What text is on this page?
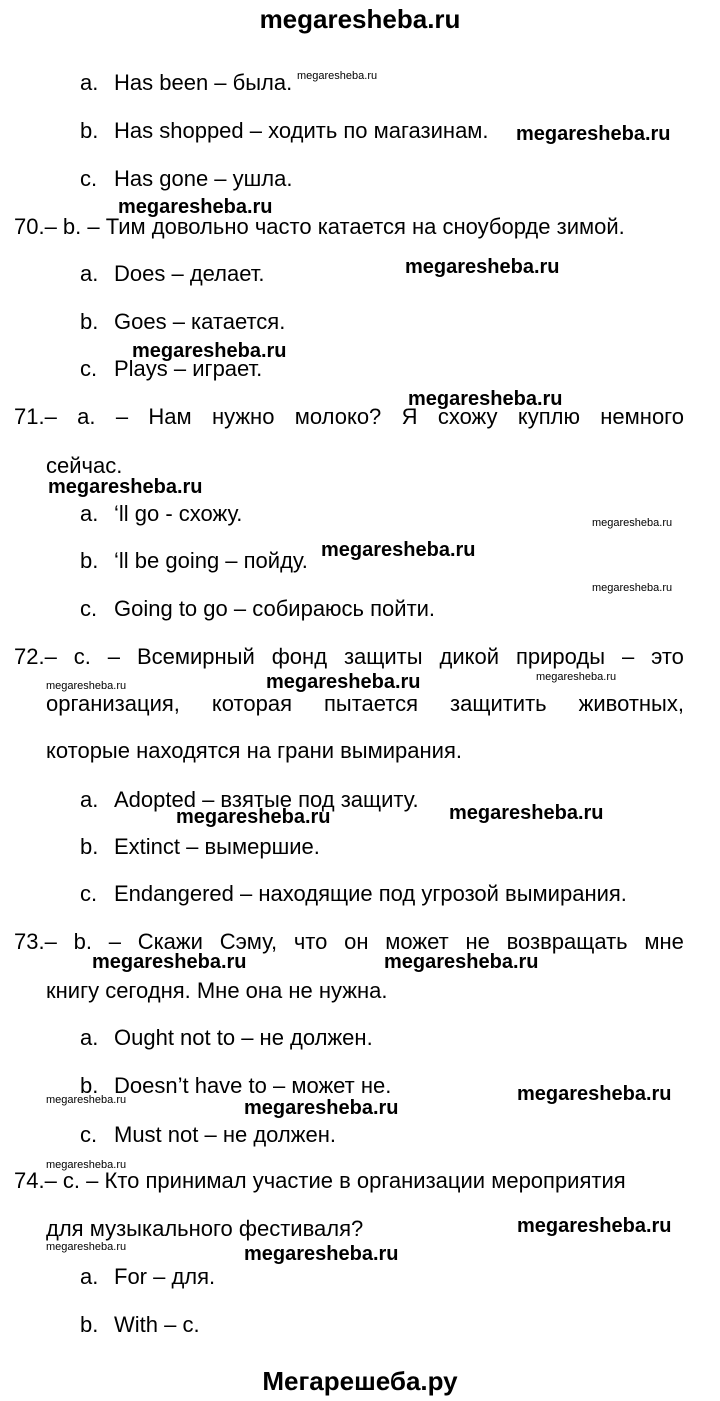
megaresheba.ru
a. Has been – была.
b. Has shopped – ходить по магазинам.
c. Has gone – ушла.
70.– b. – Тим довольно часто катается на сноуборде зимой.
a. Does – делает.
b. Goes – катается.
c. Plays – играет.
71.– a. – Нам нужно молоко? Я схожу куплю немного
сейчас.
a. ‘ll go - схожу.
b. ‘ll be going – пойду.
c. Going to go – собираюсь пойти.
72.– c. – Всемирный фонд защиты дикой природы – это
организация, которая пытается защитить животных,
которые находятся на грани вымирания.
a. Adopted – взятые под защиту.
b. Extinct – вымершие.
c. Endangered – находящие под угрозой вымирания.
73.– b. – Скажи Сэму, что он может не возвращать мне
книгу сегодня. Мне она не нужна.
a. Ought not to – не должен.
b. Doesn’t have to – может не.
c. Must not – не должен.
74.– c. – Кто принимал участие в организации мероприятия
для музыкального фестиваля?
a. For – для.
b. With – с.
megaresheba.ru
megaresheba.ru
megaresheba.ru
megaresheba.ru
megaresheba.ru
megaresheba.ru
megaresheba.ru
megaresheba.ru
megaresheba.ru
megaresheba.ru
megaresheba.ru
megaresheba.ru	megaresheba.ru
megaresheba.ru	megaresheba.ru
megaresheba.ru	megaresheba.ru
megaresheba.ru	megaresheba.ru
megaresheba.ru
megaresheba.ru
megaresheba.ru
megaresheba.ru	megaresheba.ru
Мегарешеба.ру
